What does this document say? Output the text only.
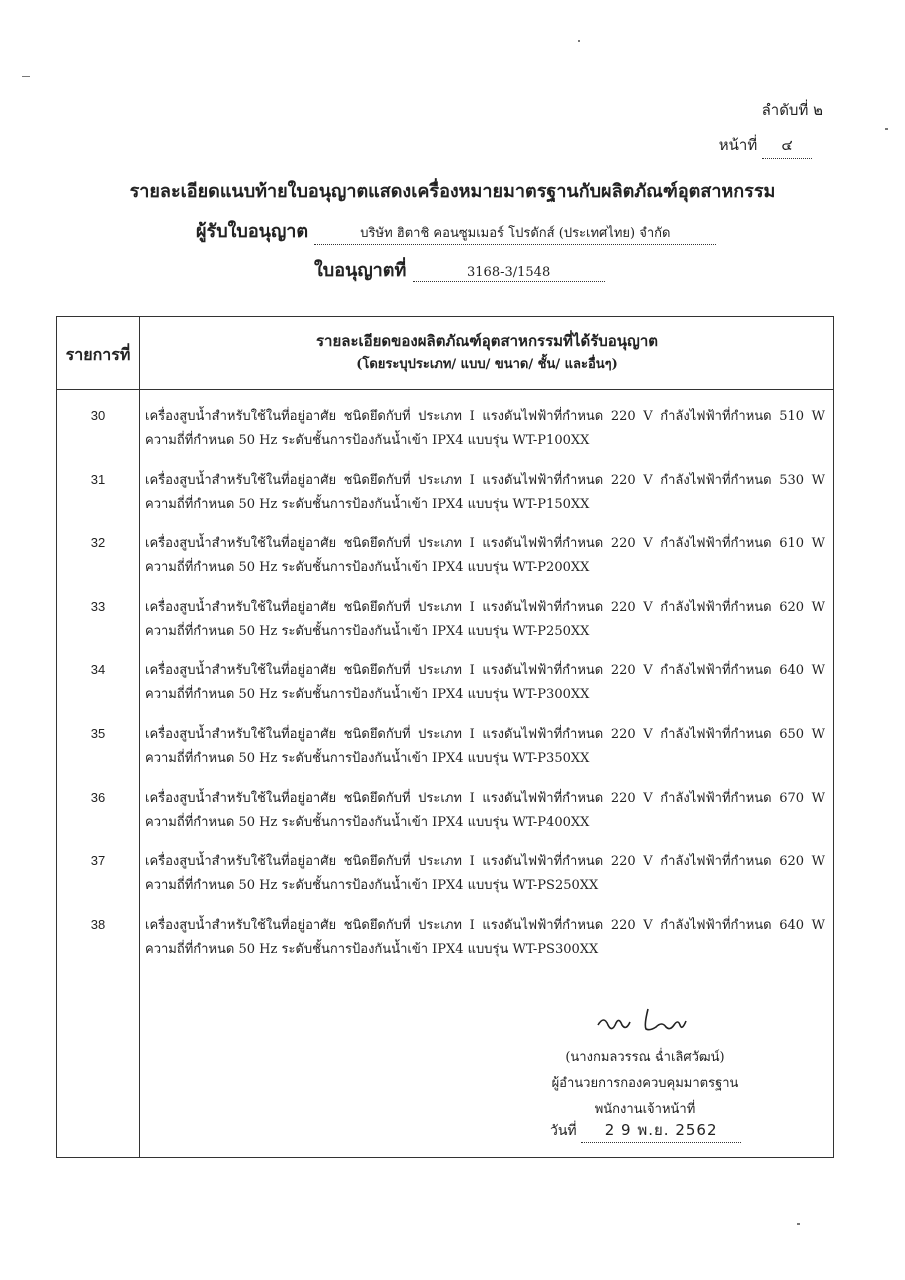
ลำดับที่ ๒
หน้าที่ ๔
รายละเอียดแนบท้ายใบอนุญาตแสดงเครื่องหมายมาตรฐานกับผลิตภัณฑ์อุตสาหกรรม
ผู้รับใบอนุญาต	บริษัท ฮิตาชิ คอนซูมเมอร์ โปรดักส์ (ประเทศไทย) จำกัด
ใบอนุญาตที่	3168-3/1548
รายการที่
รายละเอียดของผลิตภัณฑ์อุตสาหกรรมที่ได้รับอนุญาต
(โดยระบุประเภท/ แบบ/ ขนาด/ ชั้น/ และอื่นๆ)
30	เครื่องสูบน้ำสำหรับใช้ในที่อยู่อาศัย ชนิดยึดกับที่ ประเภท I แรงดันไฟฟ้าที่กำหนด 220 V กำลังไฟฟ้าที่กำหนด 510 W
ความถี่ที่กำหนด 50 Hz ระดับชั้นการป้องกันน้ำเข้า IPX4 แบบรุ่น WT-P100XX
31	เครื่องสูบน้ำสำหรับใช้ในที่อยู่อาศัย ชนิดยึดกับที่ ประเภท I แรงดันไฟฟ้าที่กำหนด 220 V กำลังไฟฟ้าที่กำหนด 530 W
ความถี่ที่กำหนด 50 Hz ระดับชั้นการป้องกันน้ำเข้า IPX4 แบบรุ่น WT-P150XX
32	เครื่องสูบน้ำสำหรับใช้ในที่อยู่อาศัย ชนิดยึดกับที่ ประเภท I แรงดันไฟฟ้าที่กำหนด 220 V กำลังไฟฟ้าที่กำหนด 610 W
ความถี่ที่กำหนด 50 Hz ระดับชั้นการป้องกันน้ำเข้า IPX4 แบบรุ่น WT-P200XX
33	เครื่องสูบน้ำสำหรับใช้ในที่อยู่อาศัย ชนิดยึดกับที่ ประเภท I แรงดันไฟฟ้าที่กำหนด 220 V กำลังไฟฟ้าที่กำหนด 620 W
ความถี่ที่กำหนด 50 Hz ระดับชั้นการป้องกันน้ำเข้า IPX4 แบบรุ่น WT-P250XX
34	เครื่องสูบน้ำสำหรับใช้ในที่อยู่อาศัย ชนิดยึดกับที่ ประเภท I แรงดันไฟฟ้าที่กำหนด 220 V กำลังไฟฟ้าที่กำหนด 640 W
ความถี่ที่กำหนด 50 Hz ระดับชั้นการป้องกันน้ำเข้า IPX4 แบบรุ่น WT-P300XX
35	เครื่องสูบน้ำสำหรับใช้ในที่อยู่อาศัย ชนิดยึดกับที่ ประเภท I แรงดันไฟฟ้าที่กำหนด 220 V กำลังไฟฟ้าที่กำหนด 650 W
ความถี่ที่กำหนด 50 Hz ระดับชั้นการป้องกันน้ำเข้า IPX4 แบบรุ่น WT-P350XX
36	เครื่องสูบน้ำสำหรับใช้ในที่อยู่อาศัย ชนิดยึดกับที่ ประเภท I แรงดันไฟฟ้าที่กำหนด 220 V กำลังไฟฟ้าที่กำหนด 670 W
ความถี่ที่กำหนด 50 Hz ระดับชั้นการป้องกันน้ำเข้า IPX4 แบบรุ่น WT-P400XX
37	เครื่องสูบน้ำสำหรับใช้ในที่อยู่อาศัย ชนิดยึดกับที่ ประเภท I แรงดันไฟฟ้าที่กำหนด 220 V กำลังไฟฟ้าที่กำหนด 620 W
ความถี่ที่กำหนด 50 Hz ระดับชั้นการป้องกันน้ำเข้า IPX4 แบบรุ่น WT-PS250XX
38	เครื่องสูบน้ำสำหรับใช้ในที่อยู่อาศัย ชนิดยึดกับที่ ประเภท I แรงดันไฟฟ้าที่กำหนด 220 V กำลังไฟฟ้าที่กำหนด 640 W
ความถี่ที่กำหนด 50 Hz ระดับชั้นการป้องกันน้ำเข้า IPX4 แบบรุ่น WT-PS300XX
(นางกมลวรรณ ฉ่ำเลิศวัฒน์)
ผู้อำนวยการกองควบคุมมาตรฐาน
พนักงานเจ้าหน้าที่
วันที่ 2 9 พ.ย. 2562
